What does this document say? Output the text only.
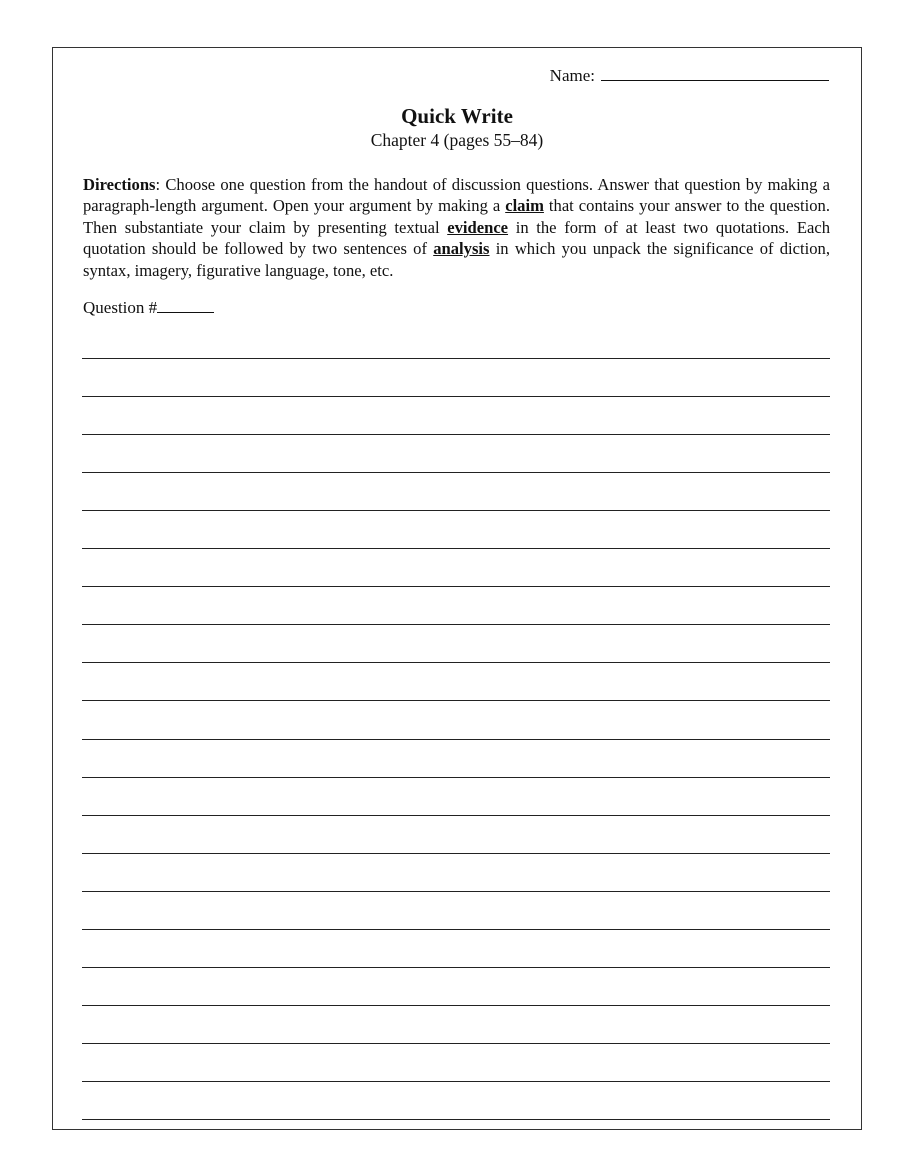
Name:
Quick Write
Chapter 4 (pages 55–84)
Directions: Choose one question from the handout of discussion questions. Answer that question by making a paragraph-length argument. Open your argument by making a claim that contains your answer to the question. Then substantiate your claim by presenting textual evidence in the form of at least two quotations. Each quotation should be followed by two sentences of analysis in which you unpack the significance of diction, syntax, imagery, figurative language, tone, etc.
Question #
